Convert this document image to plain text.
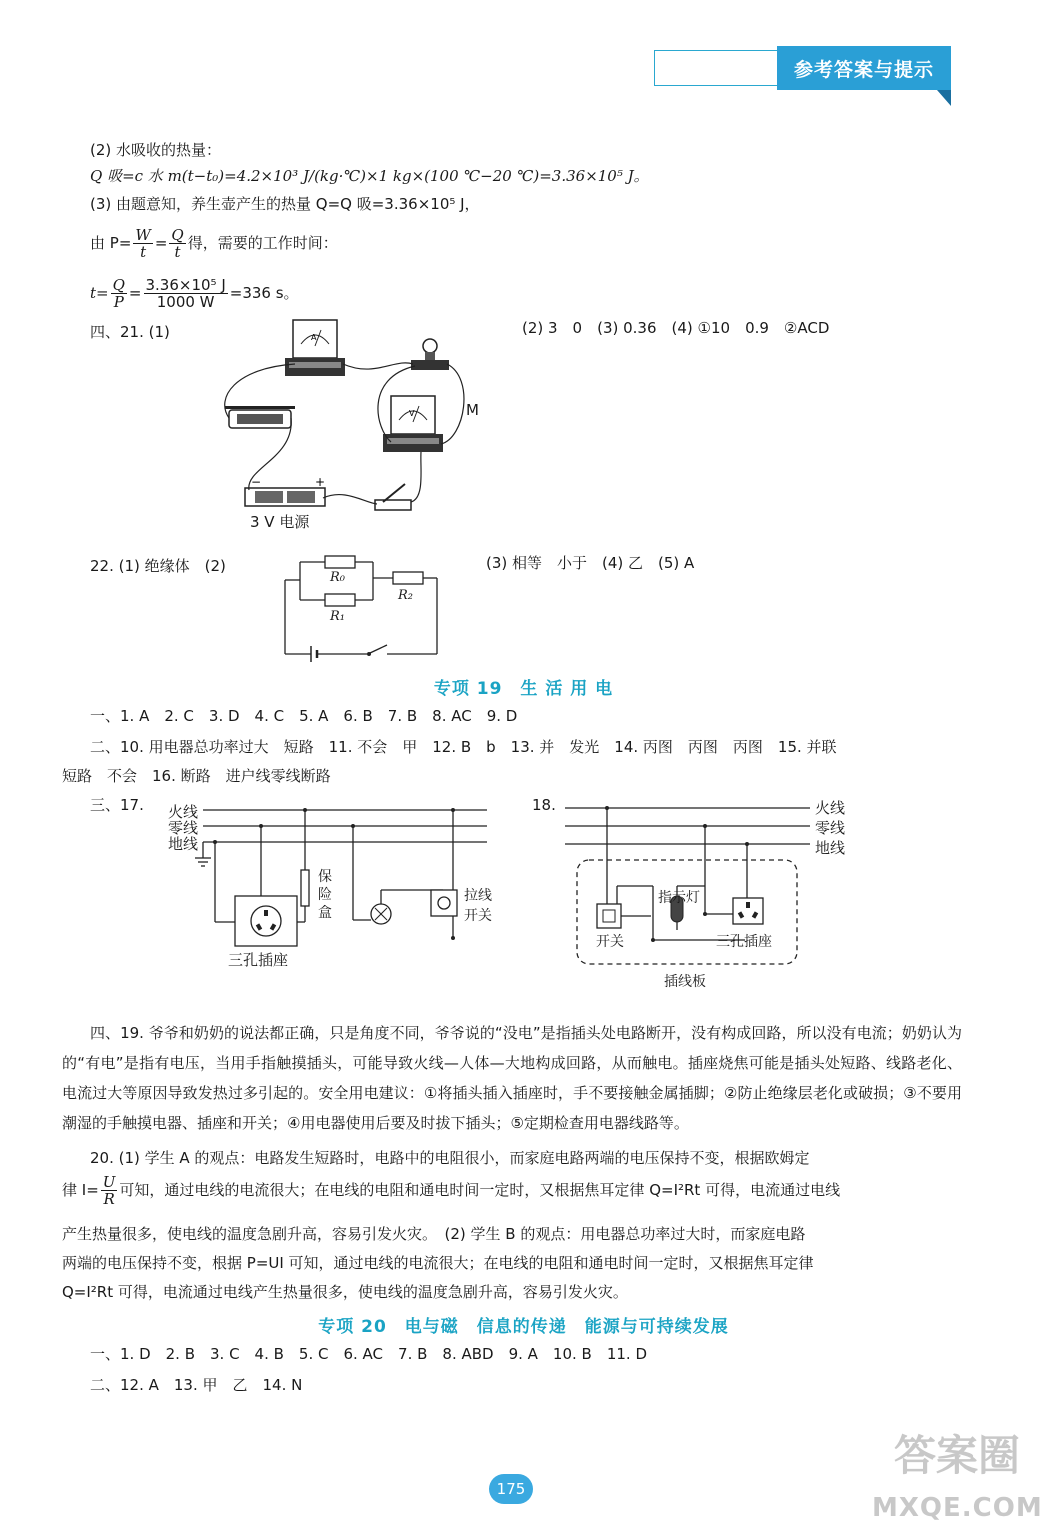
参考答案与提示
(2) 水吸收的热量：
Q 吸=c 水 m(t−t₀)=4.2×10³ J/(kg·℃)×1 kg×(100 ℃−20 ℃)=3.36×10⁵ J。
(3) 由题意知，养生壶产生的热量 Q=Q 吸=3.36×10⁵ J，
由 $P= \frac{W}{t} = \frac{Q}{t}$ 得，需要的工作时间：
$t= \frac{Q}{P} = \frac{\text{3.36×10⁵ J}}{1000 W} =336$ s。
四、21. (1)	(2) 3　0　(3) 0.36　(4) ①10　0.9　②ACD
A
V
−	+
M
3 V 电源
22. (1) 绝缘体　(2)	(3) 相等　小于　(4) 乙　(5) A
R₀
R₁
R₂
专项 19　生 活 用 电
一、1. A　2. C　3. D　4. C　5. A　6. B　7. B　8. AC　9. D
二、10. 用电器总功率过大　短路　11. 不会　甲　12. B　b　13. 并　发光　14. 丙图　丙图　丙图　15. 并联
短路　不会　16. 断路　进户线零线断路
三、17. 火线
零线
地线
保险盒
拉线开关
三孔插座
18.	火线
零线
地线
指示灯
开关	三孔插座
插线板
四、19. 爷爷和奶奶的说法都正确，只是角度不同，爷爷说的“没电”是指插头处电路断开，没有构成回路，所以没有电流；奶奶认为的“有电”是指有电压，当用手指触摸插头，可能导致火线—人体—大地构成回路，从而触电。插座烧焦可能是插头处短路、线路老化、电流过大等原因导致发热过多引起的。安全用电建议：①将插头插入插座时，手不要接触金属插脚；②防止绝缘层老化或破损；③不要用潮湿的手触摸电器、插座和开关；④用电器使用后要及时拔下插头；⑤定期检查用电器线路等。
20. (1) 学生 A 的观点：电路发生短路时，电路中的电阻很小，而家庭电路两端的电压保持不变，根据欧姆定
律 $I= \frac{U}{R}$ 可知，通过电线的电流很大；在电线的电阻和通电时间一定时，又根据焦耳定律 Q=I²Rt 可得，电流通过电线
产生热量很多，使电线的温度急剧升高，容易引发火灾。　(2) 学生 B 的观点：用电器总功率过大时，而家庭电路
两端的电压保持不变，根据 P=UI 可知，通过电线的电流很大；在电线的电阻和通电时间一定时，又根据焦耳定律
Q=I²Rt 可得，电流通过电线产生热量很多，使电线的温度急剧升高，容易引发火灾。
专项 20　电与磁　信息的传递　能源与可持续发展
一、1. D　2. B　3. C　4. B　5. C　6. AC　7. B　8. ABD　9. A　10. B　11. D
二、12. A　13. 甲　乙　14. N
175
答案圈
MXQE.COM
